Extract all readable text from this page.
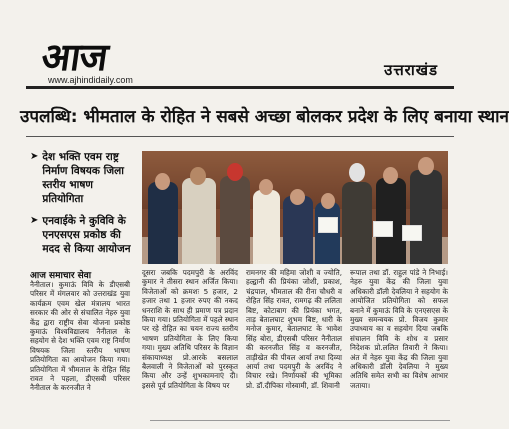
आज
www.ajhindidaily.com
उत्तराखंड
उपलब्धि: भीमताल के रोहित ने सबसे अच्छा बोलकर प्रदेश के लिए बनाया स्थान
➤ देश भक्ति एवम राष्ट्र निर्माण विषयक जिला स्तरीय भाषण प्रतियोगिता
➤ एनवाईके ने कुविवि के एनएसएस प्रकोष्ठ की मदद से किया आयोजन
आज समाचार सेवा
नैनीताल। कुमाऊं विवि के डीएसबी परिसर में मंगलवार को उत्तराखंड युवा कार्यक्रम एवम खेल मंत्रालय भारत सरकार की ओर से संचालित नेहरु युवा केंद्र द्वारा राष्ट्रीय सेवा योजना प्रकोष्ठ कुमाऊं विश्वविद्यालय नैनीताल के सहयोग से देश भक्ति एवम राष्ट्र निर्माण विषयक जिला स्तरीय भाषण प्रतियोगिता का आयोजन किया गया। प्रतियोगिता में भीमताल के रोहित सिंह रावत ने पहला, डीएसबी परिसर नैनीताल के करनजीत ने
दूसरा जबकि पदमपुरी के अरविंद कुमार ने तीसरा स्थान अर्जित किया। विजेताओं को क्रमशः 5 हजार, 2 हजार तथा 1 हजार रुपए की नकद धनराशि के साथ ही प्रमाण पत्र प्रदान किया गया। प्रतियोगिता में पहले स्थान पर रहे रोहित का चयन राज्य स्तरीय भाषण प्रतियोगिता के लिए किया गया। मुख्य अतिथि परिसर के विज्ञान संकायाध्यक्ष प्रो.आरके बसलाल बैलवाली ने विजेताओं को पुरस्कृत किया और उन्हें शुभकामनाएं दी। इससे पूर्व प्रतियोगिता के विषय पर
रामनगर की महिमा जोशी व ज्योति, हल्द्वानी की प्रियंका जोशी, प्रकाश, चंद्रपाल, भीमताल की रीना चौधरी व रोहित सिंह रावत, रामगढ़ की ललिता बिष्ट, कोटाबाग की प्रियंका भगत, ताड़ बेतालघाट शुभम बिष्ट, धारी के मनोज कुमार, बेतालघाट के भावेश सिंह बोरा, डीएसबी परिसर नैनीताल की करनजीत सिंह व करनजीत, ताड़ीखेत की पीवल आर्या तथा दिव्या आर्या तथा पदमपुरी के अरविंद ने विचार रखे। निर्णायकों की भूमिका प्रो. डॉ.दीपिका गोस्वामी, डॉ. शिवानी
रूपाल तथा डॉ. राहुल पांडे ने निभाई। नेहरु युवा केंद्र की जिला युवा अधिकारी डॉली देवलिया ने सहयोग के आयोजित प्रतियोगिता को सफल बनाने में कुमाऊं विवि के एनएसएस के मुख्य समन्वयक प्रो. विजय कुमार उपाध्याय का व सहयोग दिया जबकि संचालन विवि के शोध व प्रसार निदेशक प्रो.ललित तिवारी ने किया। अंत में नेहरु युवा केंद्र की जिला युवा अधिकारी डॉली देवलिया ने मुख्य अतिथि समेत सभी का विशेष आभार जताया।
